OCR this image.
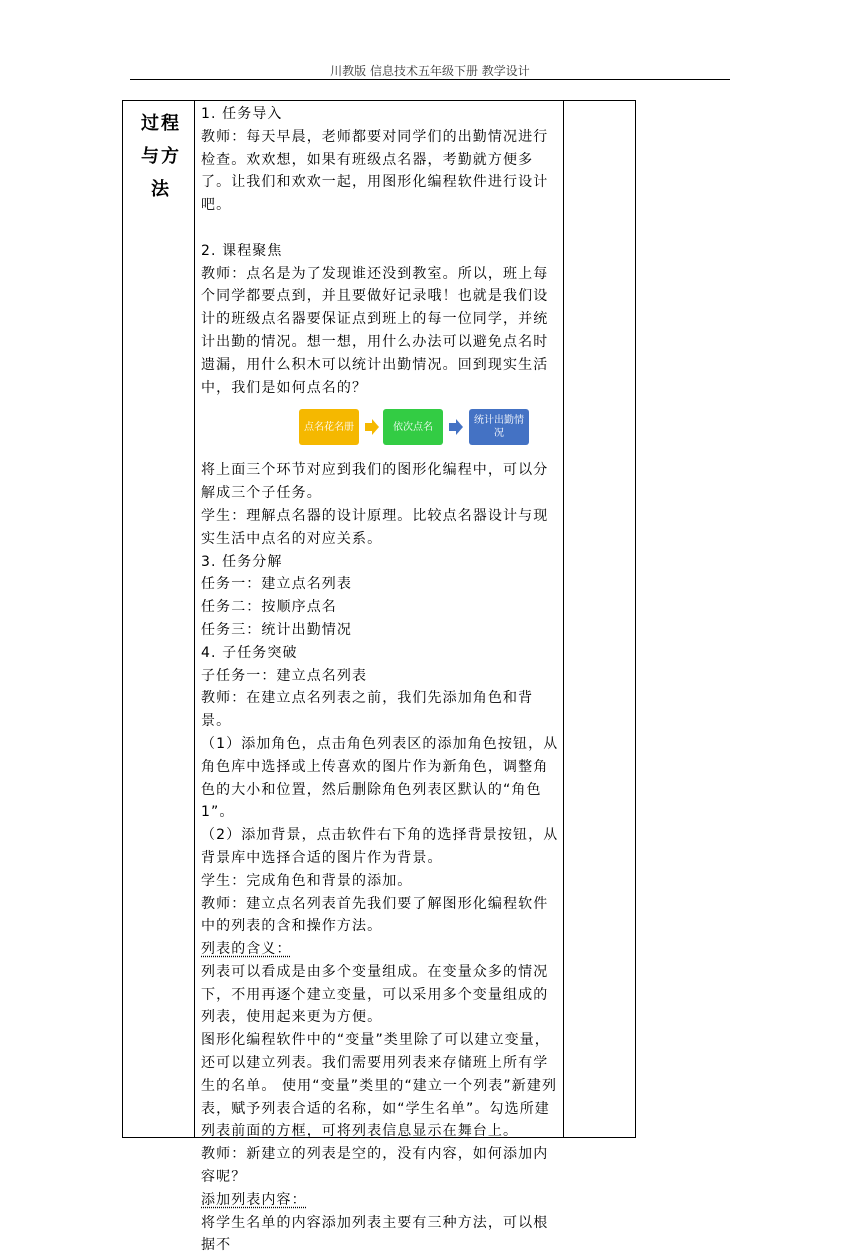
川教版 信息技术五年级下册 教学设计
过程与方法

1. 任务导入

教师：每天早晨，老师都要对同学们的出勤情况进行检查。欢欢想，如果有班级点名器，考勤就方便多了。让我们和欢欢一起，用图形化编程软件进行设计吧。

2. 课程聚焦

教师：点名是为了发现谁还没到教室。所以，班上每个同学都要点到，并且要做好记录哦！也就是我们设计的班级点名器要保证点到班上的每一位同学，并统计出勤的情况。想一想，用什么办法可以避免点名时遗漏，用什么积木可以统计出勤情况。回到现实生活中，我们是如何点名的？

点名花名册	依次点名
统计出勤情况

将上面三个环节对应到我们的图形化编程中，可以分解成三个子任务。

学生：理解点名器的设计原理。比较点名器设计与现实生活中点名的对应关系。

3. 任务分解

任务一：建立点名列表

任务二：按顺序点名

任务三：统计出勤情况

4. 子任务突破

子任务一：建立点名列表

教师：在建立点名列表之前，我们先添加角色和背景。

（1）添加角色，点击角色列表区的添加角色按钮，从角色库中选择或上传喜欢的图片作为新角色，调整角色的大小和位置，然后删除角色列表区默认的“角色 1”。

（2）添加背景，点击软件右下角的选择背景按钮，从背景库中选择合适的图片作为背景。

学生：完成角色和背景的添加。

教师：建立点名列表首先我们要了解图形化编程软件中的列表的含和操作方法。

列表的含义：

列表可以看成是由多个变量组成。在变量众多的情况下，不用再逐个建立变量，可以采用多个变量组成的列表，使用起来更为方便。

图形化编程软件中的“变量”类里除了可以建立变量，还可以建立列表。我们需要用列表来存储班上所有学生的名单。 使用“变量”类里的“建立一个列表”新建列表，赋予列表合适的名称，如“学生名单”。勾选所建列表前面的方框，可将列表信息显示在舞台上。

教师：新建立的列表是空的，没有内容，如何添加内容呢？

添加列表内容：

将学生名单的内容添加列表主要有三种方法，可以根据不
